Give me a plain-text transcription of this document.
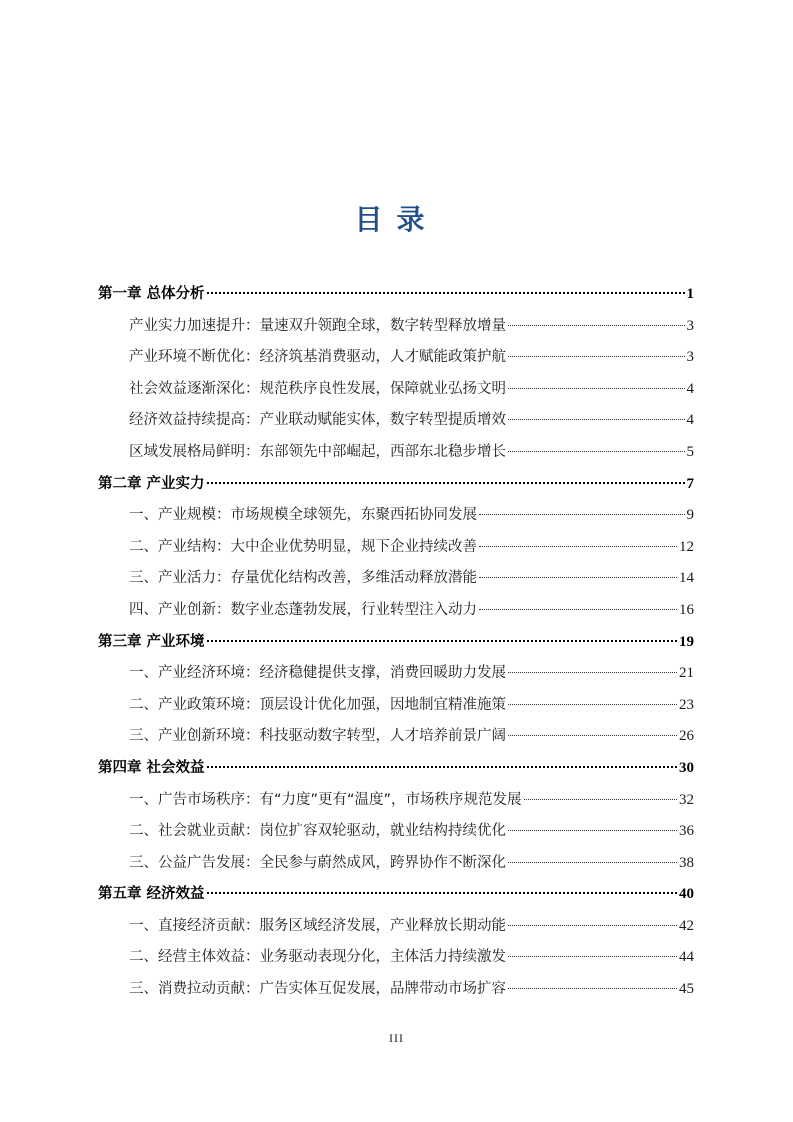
目录
第一章 总体分析	1
产业实力加速提升：量速双升领跑全球，数字转型释放增量	3
产业环境不断优化：经济筑基消费驱动，人才赋能政策护航	3
社会效益逐渐深化：规范秩序良性发展，保障就业弘扬文明	4
经济效益持续提高：产业联动赋能实体，数字转型提质增效	4
区域发展格局鲜明：东部领先中部崛起，西部东北稳步增长	5
第二章 产业实力	7
一、产业规模：市场规模全球领先，东聚西拓协同发展	9
二、产业结构：大中企业优势明显，规下企业持续改善	12
三、产业活力：存量优化结构改善，多维活动释放潜能	14
四、产业创新：数字业态蓬勃发展，行业转型注入动力	16
第三章 产业环境	19
一、产业经济环境：经济稳健提供支撑，消费回暖助力发展	21
二、产业政策环境：顶层设计优化加强，因地制宜精准施策	23
三、产业创新环境：科技驱动数字转型，人才培养前景广阔	26
第四章 社会效益	30
一、广告市场秩序：有“力度”更有“温度”，市场秩序规范发展	32
二、社会就业贡献：岗位扩容双轮驱动，就业结构持续优化	36
三、公益广告发展：全民参与蔚然成风，跨界协作不断深化	38
第五章 经济效益	40
一、直接经济贡献：服务区域经济发展，产业释放长期动能	42
二、经营主体效益：业务驱动表现分化，主体活力持续激发	44
三、消费拉动贡献：广告实体互促发展，品牌带动市场扩容	45
III
